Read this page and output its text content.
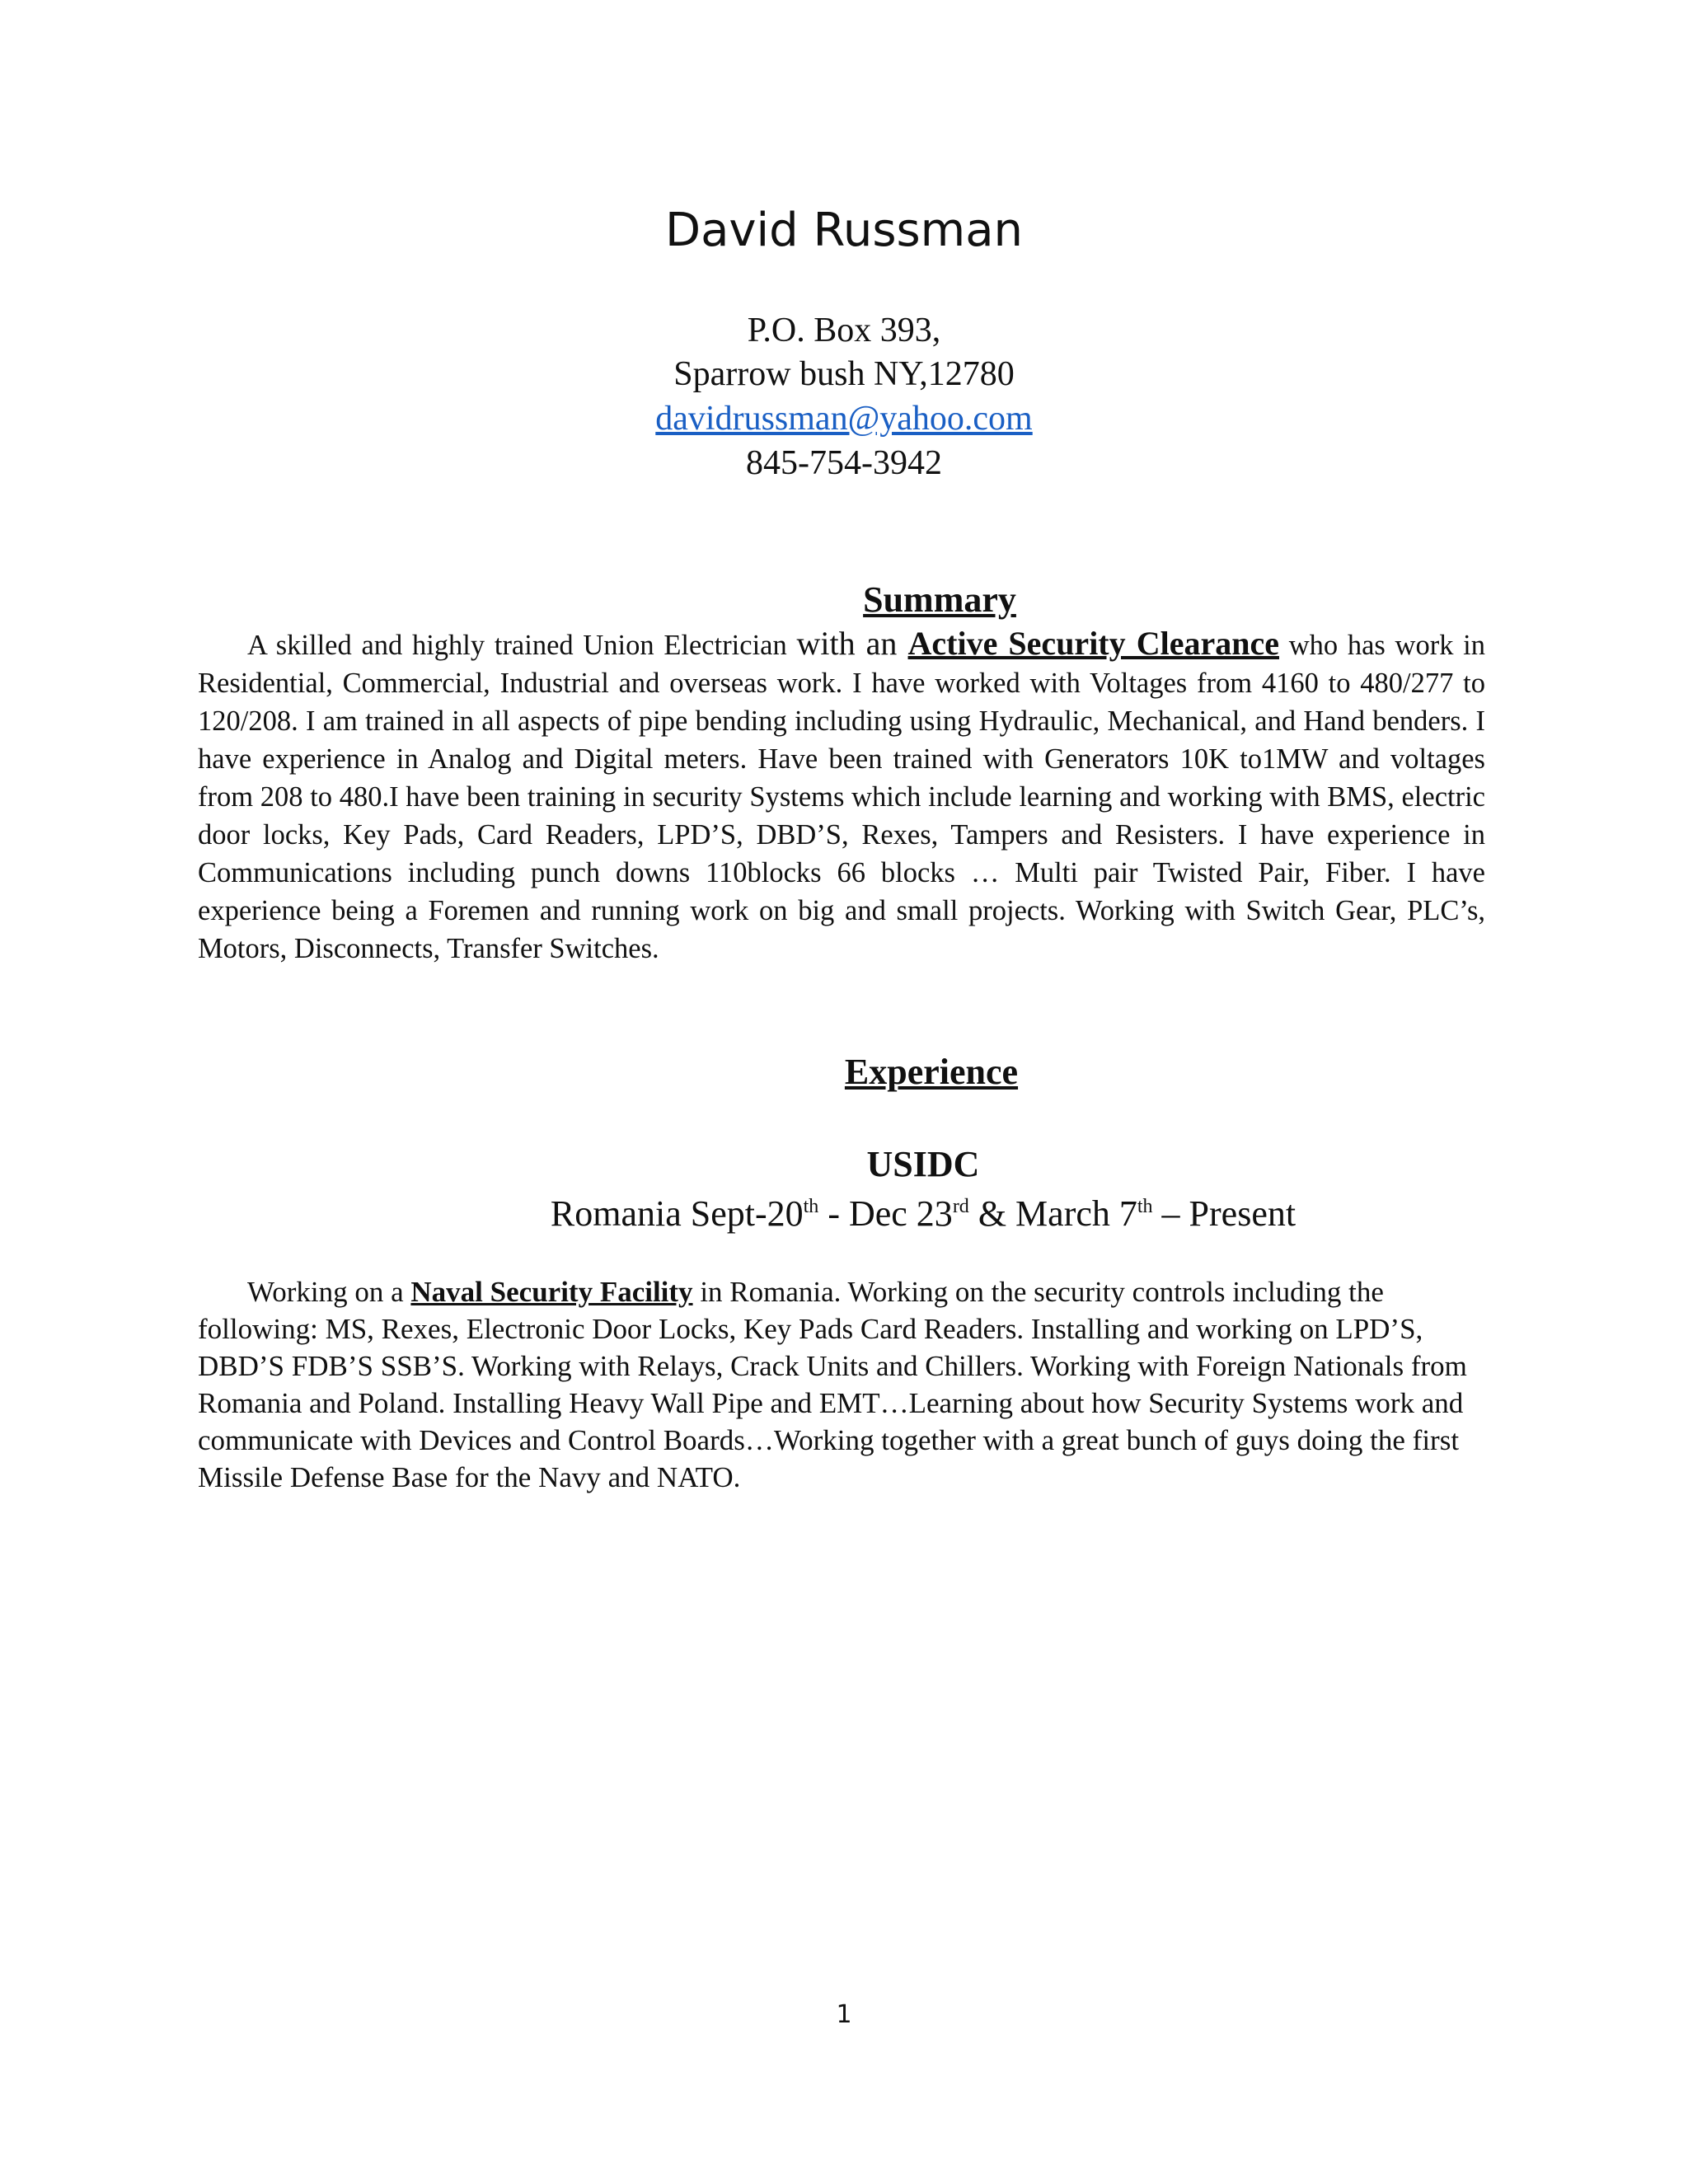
David Russman
P.O. Box 393,
Sparrow bush NY,12780
davidrussman@yahoo.com
845-754-3942
Summary
A skilled and highly trained Union Electrician with an Active Security Clearance who has work in Residential, Commercial, Industrial and overseas work. I have worked with Voltages from 4160 to 480/277 to 120/208. I am trained in all aspects of pipe bending including using Hydraulic, Mechanical, and Hand benders. I have experience in Analog and Digital meters. Have been trained with Generators 10K to1MW and voltages from 208 to 480.I have been training in security Systems which include learning and working with BMS, electric door locks, Key Pads, Card Readers, LPD’S, DBD’S, Rexes, Tampers and Resisters. I have experience in Communications including punch downs 110blocks 66 blocks … Multi pair Twisted Pair, Fiber. I have experience being a Foremen and running work on big and small projects. Working with Switch Gear, PLC’s, Motors, Disconnects, Transfer Switches.
Experience
USIDC
Romania Sept-20th - Dec 23rd & March 7th – Present
Working on a Naval Security Facility in Romania. Working on the security controls including the following: MS, Rexes, Electronic Door Locks, Key Pads Card Readers. Installing and working on LPD’S, DBD’S FDB’S SSB’S. Working with Relays, Crack Units and Chillers. Working with Foreign Nationals from Romania and Poland. Installing Heavy Wall Pipe and EMT…Learning about how Security Systems work and communicate with Devices and Control Boards…Working together with a great bunch of guys doing the first Missile Defense Base for the Navy and NATO.
1
